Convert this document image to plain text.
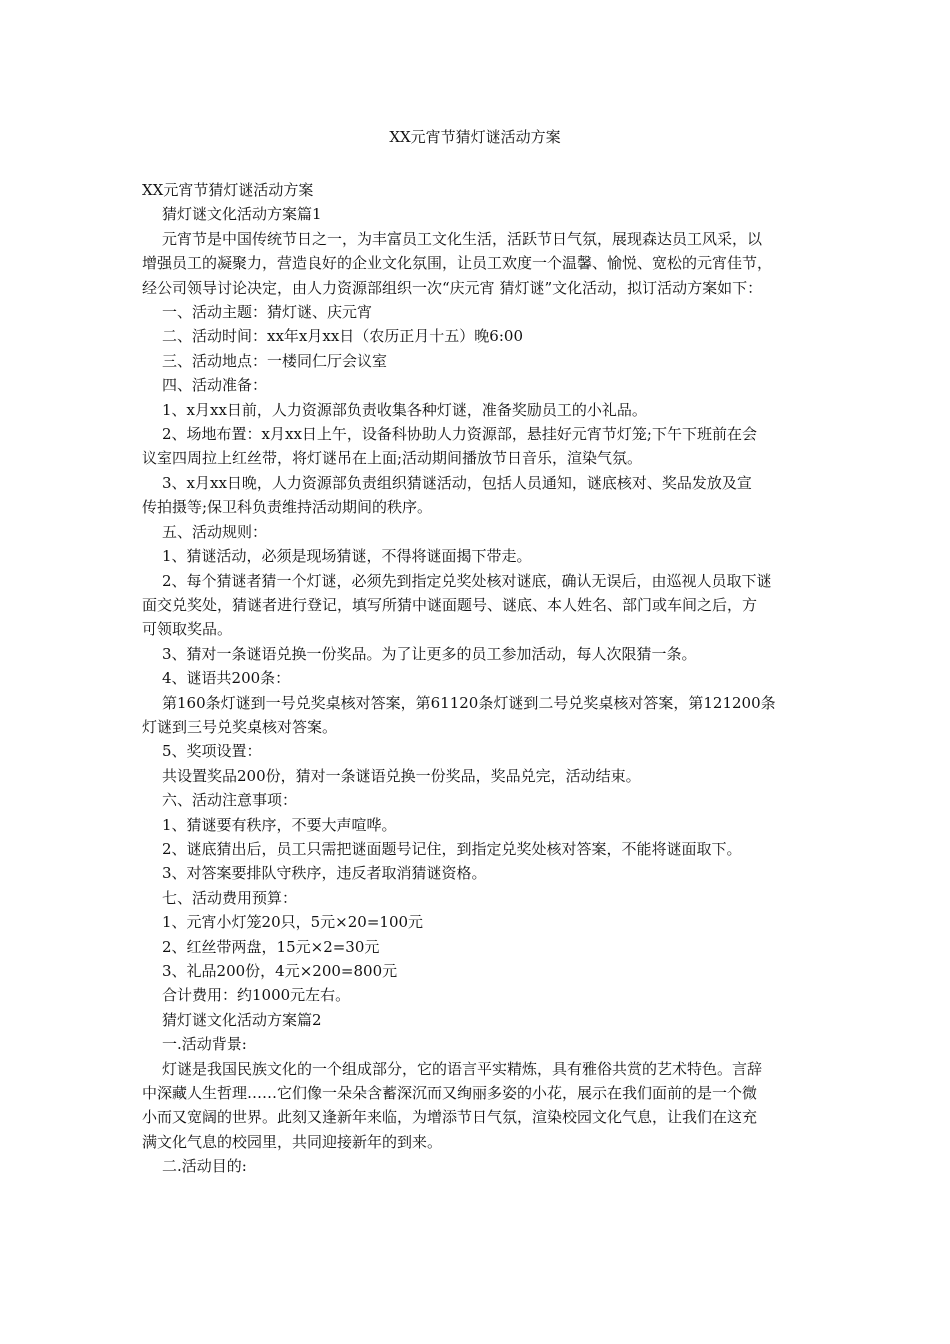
XX元宵节猜灯谜活动方案

XX元宵节猜灯谜活动方案

猜灯谜文化活动方案篇1

元宵节是中国传统节日之一，为丰富员工文化生活，活跃节日气氛，展现森达员工风采，以

增强员工的凝聚力，营造良好的企业文化氛围，让员工欢度一个温馨、愉悦、宽松的元宵佳节，

经公司领导讨论决定，由人力资源部组织一次“庆元宵 猜灯谜”文化活动，拟订活动方案如下：

一、活动主题：猜灯谜、庆元宵

二、活动时间：xx年x月xx日（农历正月十五）晚6:00

三、活动地点：一楼同仁厅会议室

四、活动准备：

1、x月xx日前，人力资源部负责收集各种灯谜，准备奖励员工的小礼品。

2、场地布置：x月xx日上午，设备科协助人力资源部，悬挂好元宵节灯笼;下午下班前在会

议室四周拉上红丝带，将灯谜吊在上面;活动期间播放节日音乐，渲染气氛。

3、x月xx日晚，人力资源部负责组织猜谜活动，包括人员通知，谜底核对、奖品发放及宣

传拍摄等;保卫科负责维持活动期间的秩序。

五、活动规则：

1、猜谜活动，必须是现场猜谜，不得将谜面揭下带走。

2、每个猜谜者猜一个灯谜，必须先到指定兑奖处核对谜底，确认无误后，由巡视人员取下谜

面交兑奖处，猜谜者进行登记，填写所猜中谜面题号、谜底、本人姓名、部门或车间之后，方

可领取奖品。

3、猜对一条谜语兑换一份奖品。为了让更多的员工参加活动，每人次限猜一条。

4、谜语共200条：

第160条灯谜到一号兑奖桌核对答案，第61120条灯谜到二号兑奖桌核对答案，第121200条

灯谜到三号兑奖桌核对答案。

5、奖项设置：

共设置奖品200份，猜对一条谜语兑换一份奖品，奖品兑完，活动结束。

六、活动注意事项：

1、猜谜要有秩序，不要大声喧哗。

2、谜底猜出后，员工只需把谜面题号记住，到指定兑奖处核对答案，不能将谜面取下。

3、对答案要排队守秩序，违反者取消猜谜资格。

七、活动费用预算：

1、元宵小灯笼20只，5元×20=100元

2、红丝带两盘，15元×2=30元

3、礼品200份，4元×200=800元

合计费用：约1000元左右。

猜灯谜文化活动方案篇2

一.活动背景:

灯谜是我国民族文化的一个组成部分，它的语言平实精炼，具有雅俗共赏的艺术特色。言辞

中深藏人生哲理……它们像一朵朵含蓄深沉而又绚丽多姿的小花，展示在我们面前的是一个微

小而又宽阔的世界。此刻又逢新年来临，为增添节日气氛，渲染校园文化气息，让我们在这充

满文化气息的校园里，共同迎接新年的到来。

二.活动目的:
